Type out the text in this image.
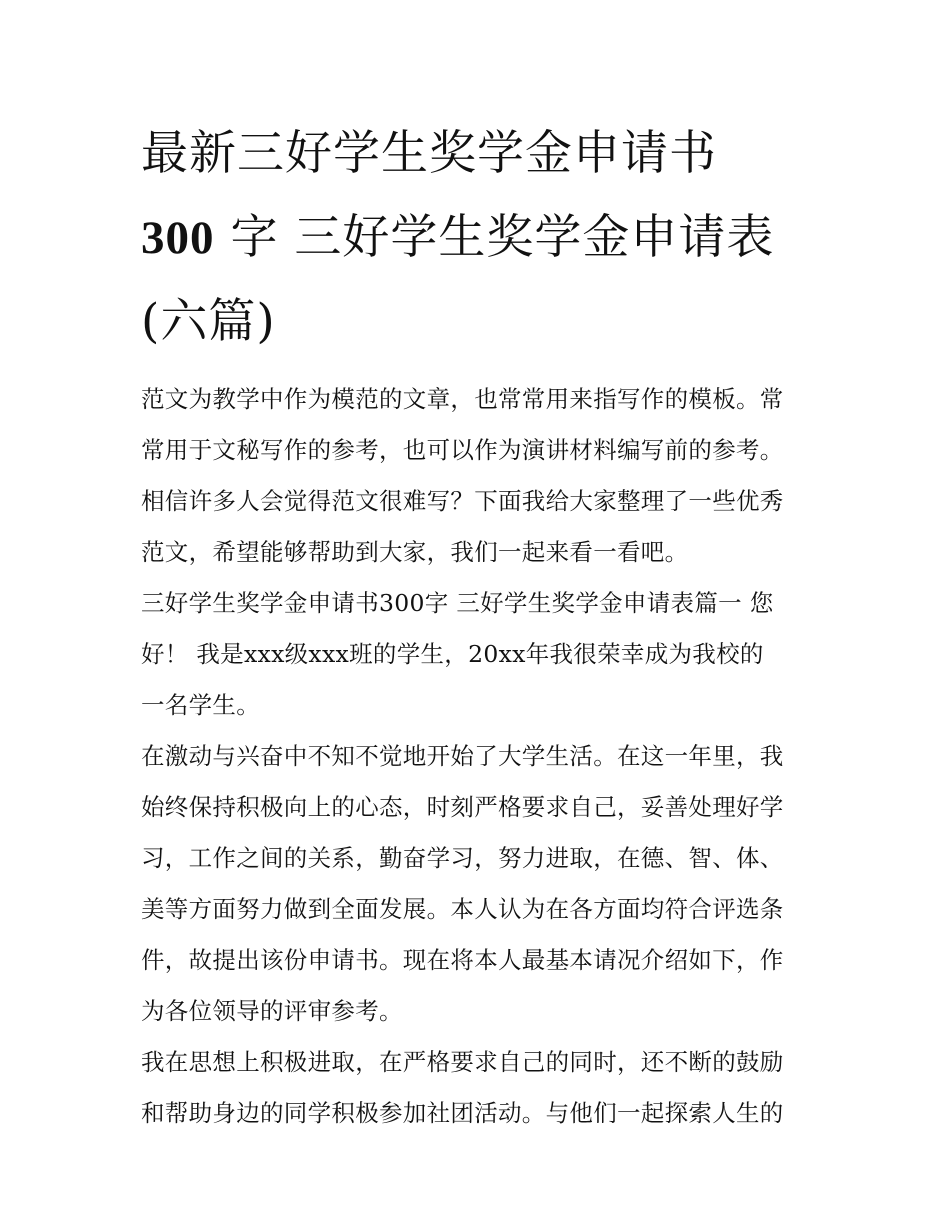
最新三好学生奖学金申请书
300 字 三好学生奖学金申请表
(六篇)

范文为教学中作为模范的文章，也常常用来指写作的模板。常
常用于文秘写作的参考，也可以作为演讲材料编写前的参考。
相信许多人会觉得范文很难写？下面我给大家整理了一些优秀
范文，希望能够帮助到大家，我们一起来看一看吧。

三好学生奖学金申请书300字 三好学生奖学金申请表篇一 您
好！ 我是xxx级xxx班的学生，20xx年我很荣幸成为我校的
一名学生。

在激动与兴奋中不知不觉地开始了大学生活。在这一年里，我
始终保持积极向上的心态，时刻严格要求自己，妥善处理好学
习，工作之间的关系，勤奋学习，努力进取，在德、智、体、
美等方面努力做到全面发展。本人认为在各方面均符合评选条
件，故提出该份申请书。现在将本人最基本请况介绍如下，作
为各位领导的评审参考。

我在思想上积极进取，在严格要求自己的同时，还不断的鼓励
和帮助身边的同学积极参加社团活动。与他们一起探索人生的
